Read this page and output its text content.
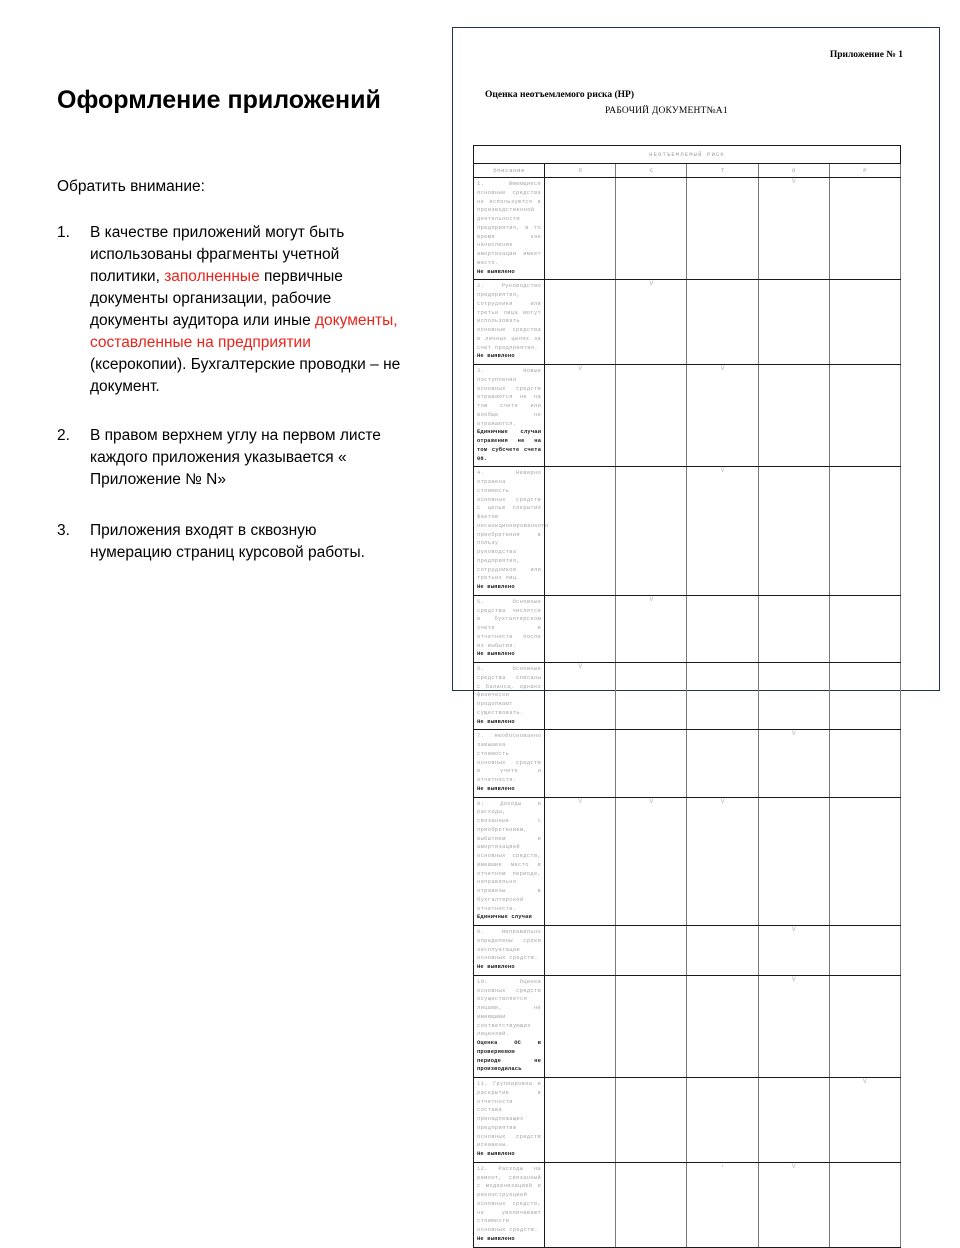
Оформление приложений
Обратить внимание:
1.	В качестве приложений могут быть использованы фрагменты учетной политики, заполненные первичные документы организации, рабочие документы аудитора или иные документы, составленные на предприятии (ксерокопии). Бухгалтерские проводки – не документ.
2.	В правом верхнем углу на первом листе каждого приложения указывается « Приложение № N»
3.	Приложения входят в сквозную нумерацию страниц курсовой работы.
Приложение № 1
Оценка неотъемлемого риска (НР)
РАБОЧИЙ ДОКУМЕНТ№А1
НЕОТЪЕМЛЕМЫЙ РИСК					
Описание	П	С	Т	О	Р
1. Имеющиеся основные средства не используются в производственной деятельности предприятия, в то время как начисление амортизации имеет место.
Не выявлено				V	
2. Руководство предприятия, сотрудники или третьи лица могут использовать основные средства в личных целях за счет предприятия.
Не выявлено		V			
3. Новые поступления основных средств отражаются не на том счете или вообще не отражаются.
Единичные случаи отражения не на том субсчете счета 08.	V		V		
4. Неверно отражена стоимость основных средств с целью сокрытия фактов несанкционированного приобретения в пользу руководства предприятия, сотрудников или третьих лиц.
Не выявлено			V		
5. Основные средства числятся в бухгалтерском учете и отчетности после их выбытия.
Не выявлено		V			
6. Основные средства списаны с баланса, однако физически продолжают существовать.
Не выявлено	V				
7. Необоснованно завышена стоимость основных средств в учете и отчетности.
Не выявлено				V	
8: Доходы и расходы, связанные с приобретением, выбытием и амортизацией основных средств, имевшие место в отчетном периоде, неправильно отражены в бухгалтерской отчетности.
Единичные случаи	V	V	V		
9. Неправильно определены сроки эксплуатации основных средств.
Не выявлено				V	
10. Оценка основных средств осуществляется лицами, не имеющими соответствующих лицензий.
Оценка ОС в проверяемом периоде не производилась				V	
11. Группировка и раскрытие в отчетности состава принадлежащих предприятию основных средств искажены.
Не выявлено					V
12. Расходы на ремонт, связанный с модернизацией и реконструкцией основных средств, не увеличивают стоимости основных средств.
Не выявлено			·	V	
